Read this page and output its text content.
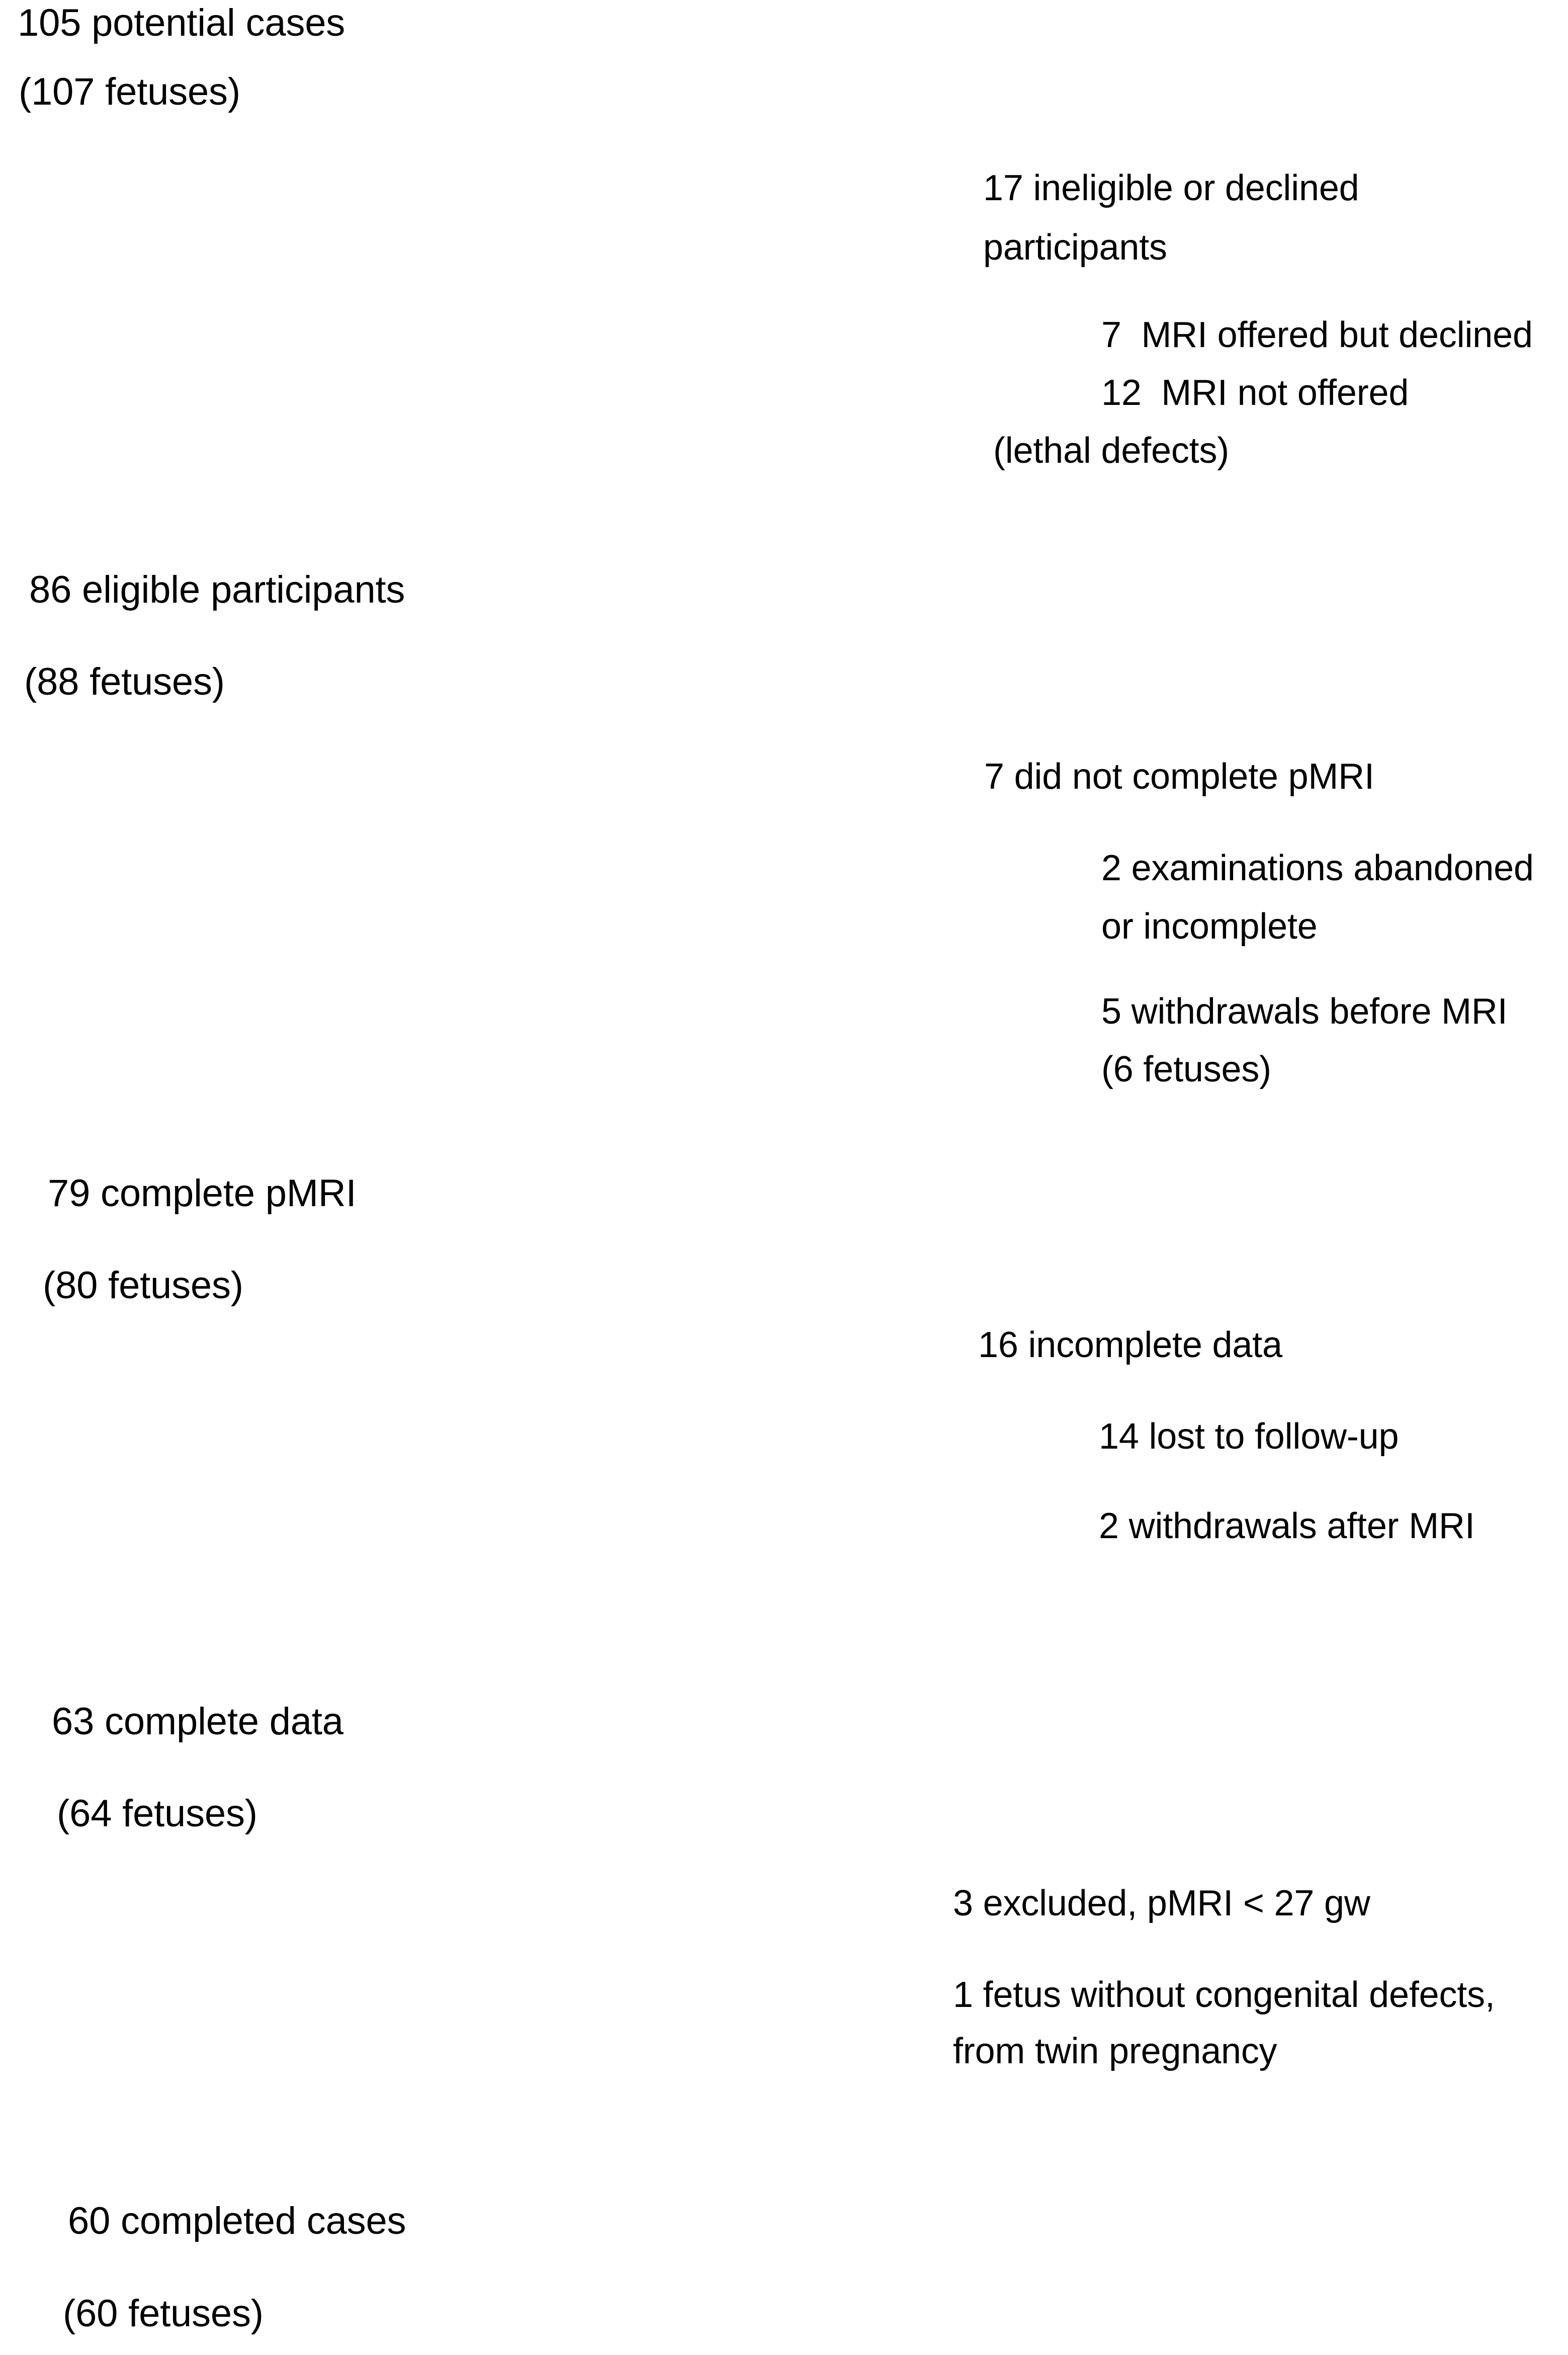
105 potential cases
(107 fetuses)
17 ineligible or declined
participants
7  MRI offered but declined
12  MRI not offered
(lethal defects)
86 eligible participants
(88 fetuses)
7 did not complete pMRI
2 examinations abandoned
or incomplete
5 withdrawals before MRI
(6 fetuses)
79 complete pMRI
(80 fetuses)
16 incomplete data
14 lost to follow-up
2 withdrawals after MRI
63 complete data
(64 fetuses)
3 excluded, pMRI < 27 gw
1 fetus without congenital defects,
from twin pregnancy
60 completed cases
(60 fetuses)
